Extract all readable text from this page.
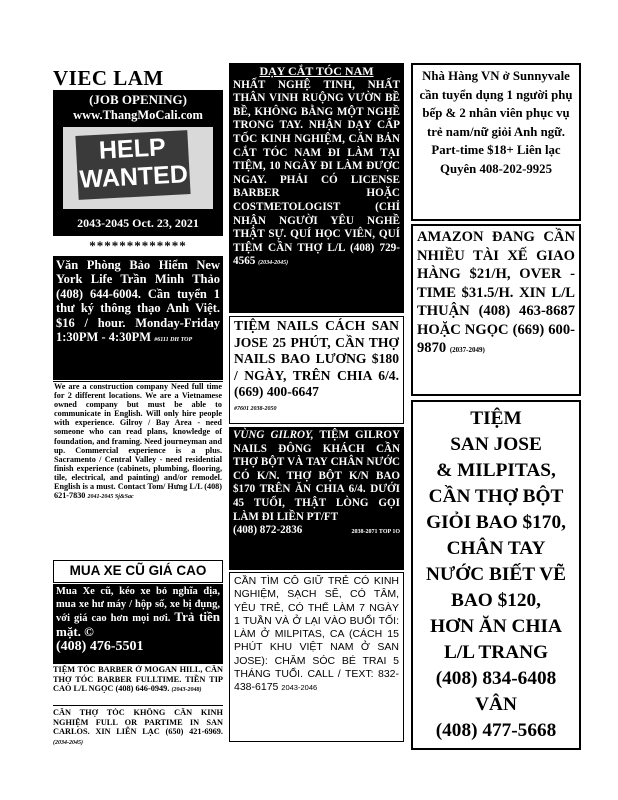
VIEC LAM
(JOB OPENING)
www.ThangMoCali.com
HELP
WANTED
2043-2045 Oct. 23, 2021
*************
Văn Phòng Bảo Hiểm New York Life Trần Minh Thảo (408) 644-6004. Cần tuyển 1 thư ký thông thạo Anh Việt. $16 / hour. Monday-Friday 1:30PM - 4:30PM #6111 DH TOP
We are a construction company Need full time for 2 different locations. We are a Vietnamese owned company but must be able to communicate in English. Will only hire people with experience. Gilroy / Bay Area - need someone who can read plans, knowledge of foundation, and framing. Need journeyman and up. Commercial experience is a plus. Sacramento / Central Valley - need residential finish experience (cabinets, plumbing, flooring, tile, electrical, and painting) and/or remodel. English is a must. Contact Tom/ Hưng L/L (408) 621-7830 2041-2045 Sj&Sac
MUA XE CŨ GIÁ CAO
Mua Xe cũ, kéo xe bỏ nghĩa địa, mua xe hư máy / hộp số, xe bị đụng, với giá cao hơn mọi nơi. Trả tiền mặt. ©
(408) 476-5501
TIỆM TÓC BARBER Ở MOGAN HILL, CẦN THỢ TÓC BARBER FULLTIME. TIỀN TIP CAO L/L NGỌC (408) 646-0949. (2043-2048)
CẦN THỢ TÓC KHÔNG CẦN KINH NGHIỆM FULL OR PARTIME IN SAN CARLOS. XIN LIÊN LẠC (650) 421-6969. (2034-2045)
DẠY CẮT TÓC NAM
NHẤT NGHỆ TINH, NHẤT THÂN VINH RUỘNG VƯỜN BỀ BỀ, KHÔNG BẰNG MỘT NGHỀ TRONG TAY. NHẬN DẠY CẤP TỐC KINH NGHIỆM, CĂN BẢN CẮT TÓC NAM ĐI LÀM TẠI TIỆM, 10 NGÀY ĐI LÀM ĐƯỢC NGAY. PHẢI CÓ LICENSE BARBER HOẶC COSTMETOLOGIST (CHỈ NHẬN NGƯỜI YÊU NGHỀ THẬT SỰ. QUÍ HỌC VIÊN, QUÍ TIỆM CẦN THỢ L/L (408) 729-4565 (2034-2045)
TIỆM NAILS CÁCH SAN JOSE 25 PHÚT, CẦN THỢ NAILS BAO LƯƠNG $180 / NGÀY, TRÊN CHIA 6/4. (669) 400-6647
#7601 2038-2050
VÙNG GILROY, TIỆM GILROY NAILS ĐÔNG KHÁCH CẦN THỢ BỘT VÀ TAY CHÂN NƯỚC CÓ K/N. THỢ BỘT K/N BAO $170 TRÊN ĂN CHIA 6/4. DƯỚI 45 TUỔI, THẬT LÒNG GỌI LÀM ĐI LIỀN PT/FT
(408) 872-2836	2038-2071 TOP 1O
CẦN TÌM CÔ GIỮ TRẺ CÓ KINH NGHIỆM, SẠCH SẼ, CÓ TÂM, YÊU TRẺ, CÓ THỂ LÀM 7 NGÀY 1 TUẦN VÀ Ở LẠI VÀO BUỔI TỐI: LÀM Ở MILPITAS, CA (CÁCH 15 PHÚT KHU VIỆT NAM Ở SAN JOSE): CHĂM SÓC BÉ TRAI 5 THÁNG TUỔI. CALL / TEXT: 832-438-6175 2043-2046
Nhà Hàng VN ở Sunnyvale cần tuyển dụng 1 người phụ bếp & 2 nhân viên phục vụ trẻ nam/nữ giỏi Anh ngữ. Part-time $18+ Liên lạc Quyên 408-202-9925
AMAZON ĐANG CẦN NHIỀU TÀI XẾ GIAO HÀNG $21/H, OVER - TIME $31.5/H. XIN L/L THUẬN (408) 463-8687 HOẶC NGỌC (669) 600-9870 (2037-2049)
TIỆM
SAN JOSE
& MILPITAS,
CẦN THỢ BỘT
GIỎI BAO $170,
CHÂN TAY
NƯỚC BIẾT VẼ
BAO $120,
HƠN ĂN CHIA
L/L TRANG
(408) 834-6408
VÂN
(408) 477-5668
